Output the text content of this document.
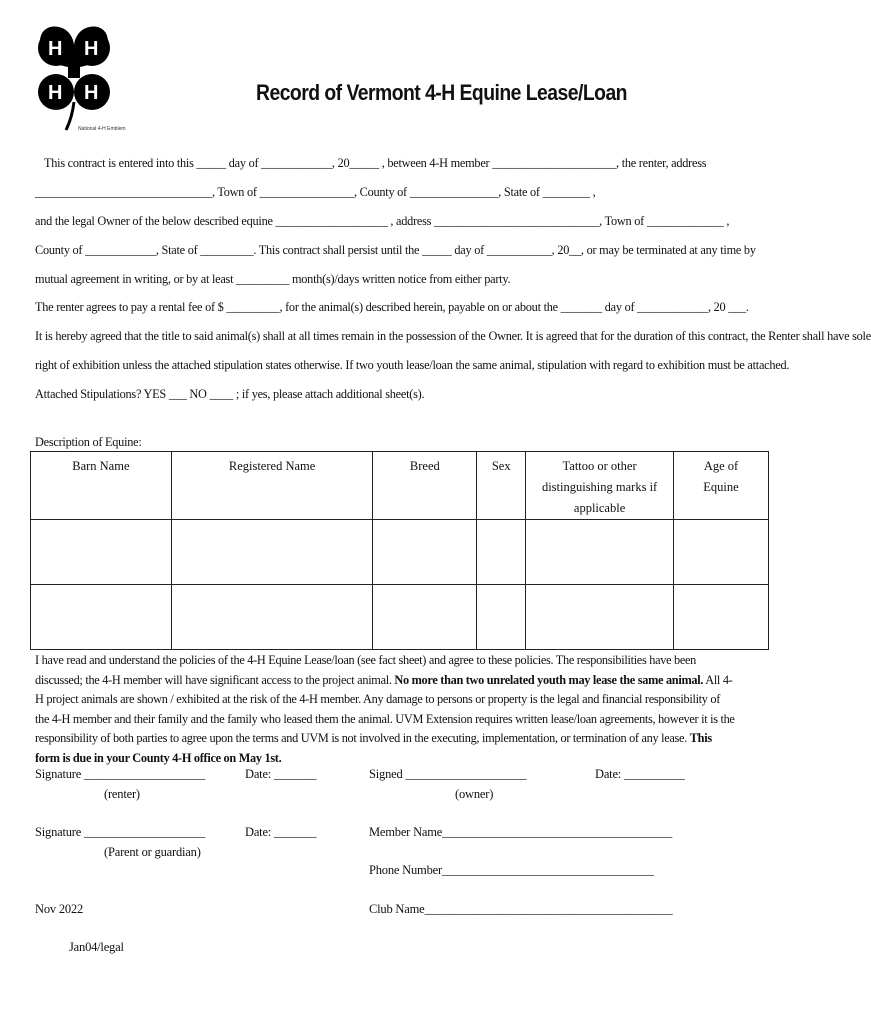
H H
H H
National 4-H Emblem
Record of Vermont 4-H Equine Lease/Loan
This contract is entered into this _____ day of ____________, 20_____ , between 4-H member _____________________, the renter, address
______________________________, Town of ________________, County of _______________, State of ________ ,
and the legal Owner of the below described equine ___________________ , address ____________________________, Town of _____________ ,
County of ____________, State of _________. This contract shall persist until the _____ day of ___________, 20__, or may be terminated at any time by
mutual agreement in writing, or by at least _________ month(s)/days written notice from either party.
The renter agrees to pay a rental fee of $ _________, for the animal(s) described herein, payable on or about the _______ day of ____________, 20 ___.
It is hereby agreed that the title to said animal(s) shall at all times remain in the possession of the Owner. It is agreed that for the duration of this contract, the Renter shall have sole
right of exhibition unless the attached stipulation states otherwise. If two youth lease/loan the same animal, stipulation with regard to exhibition must be attached.
Attached Stipulations? YES ___ NO ____ ; if yes, please attach additional sheet(s).
Description of Equine:
Barn Name	Registered Name	Breed	Sex	Tattoo or other distinguishing marks if applicable	Age of Equine

I have read and understand the policies of the 4-H Equine Lease/loan (see fact sheet) and agree to these policies. The responsibilities have been discussed; the 4-H member will have significant access to the project animal. No more than two unrelated youth may lease the same animal. All 4-H project animals are shown / exhibited at the risk of the 4-H member. Any damage to persons or property is the legal and financial responsibility of the 4-H member and their family and the family who leased them the animal. UVM Extension requires written lease/loan agreements, however it is the responsibility of both parties to agree upon the terms and UVM is not involved in the executing, implementation, or termination of any lease. This form is due in your County 4-H office on May 1st.
Signature ____________________
(renter)
Date: _______	Signed ____________________
(owner)
Date: __________
Signature ____________________
(Parent or guardian)
Date: _______	Member Name______________________________________
Phone Number___________________________________
Nov 2022	Club Name_________________________________________
Jan04/legal
